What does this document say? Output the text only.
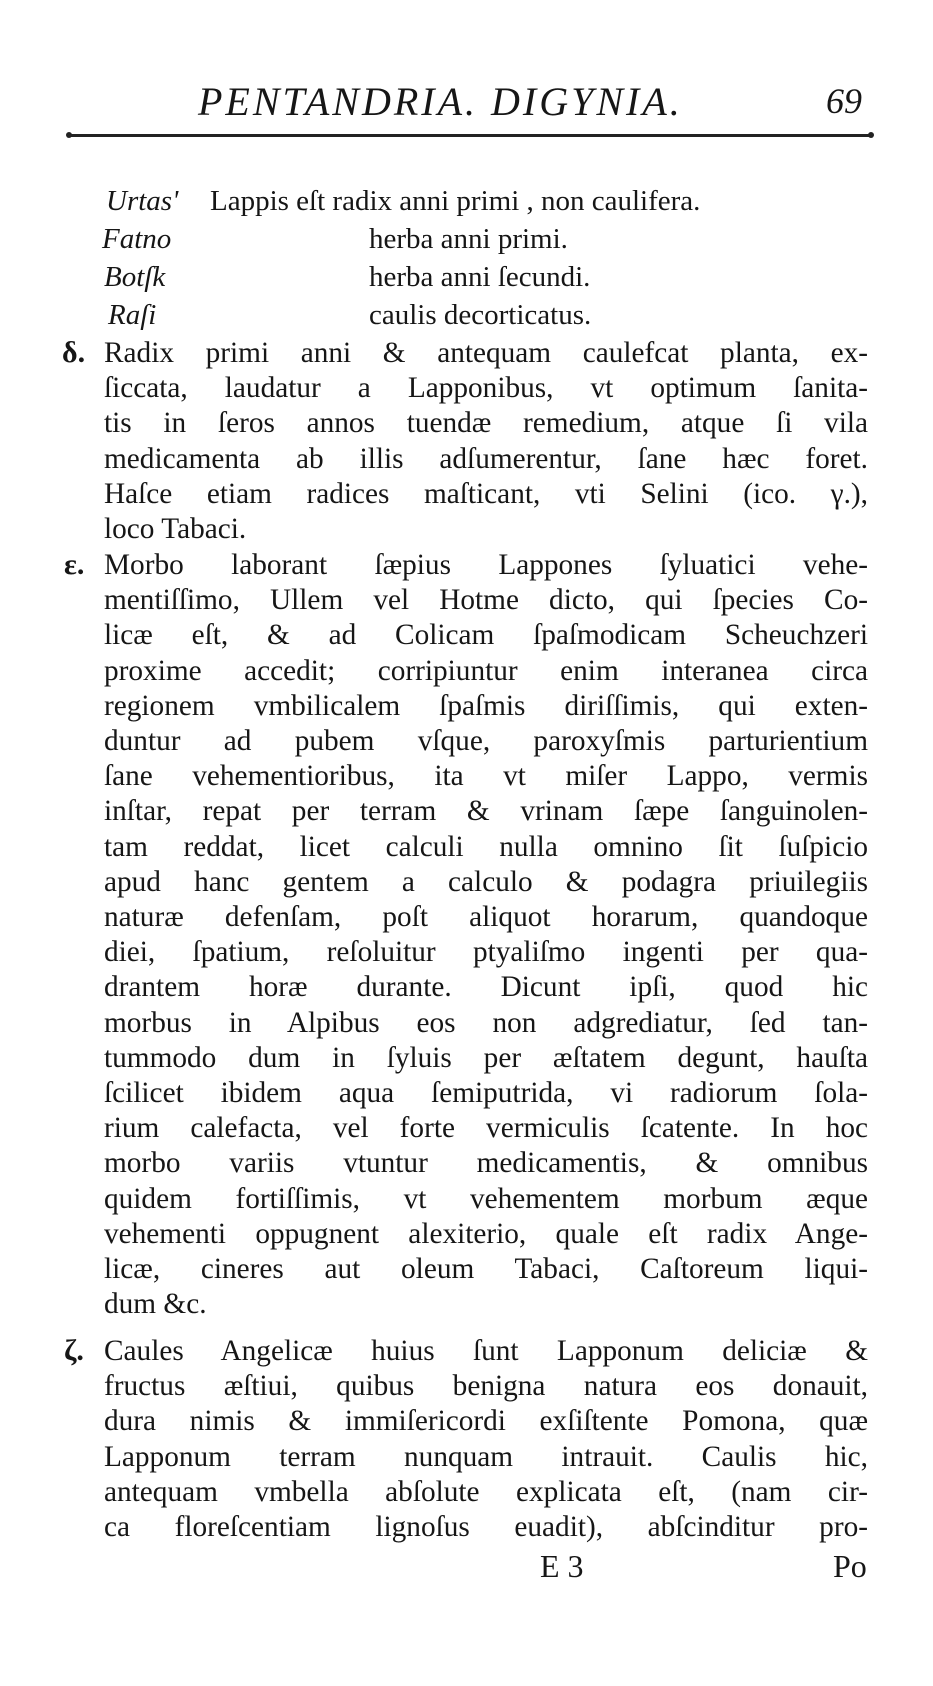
PENTANDRIA. DIGYNIA.	69
Urtas' Lappis eſt radix anni primi , non caulifera.
Fatno	herba anni primi.
Botſk	herba anni ſecundi.
Raſi	caulis decorticatus.
δ. Radix primi anni & antequam caulefcat planta, ex-
ſiccata, laudatur a Lapponibus, vt optimum ſanita-
tis in ſeros annos tuendæ remedium, atque ſi vila
medicamenta ab illis adſumerentur, ſane hæc foret.
Haſce etiam radices maſticant, vti Selini (ico. γ.),
loco Tabaci.
ε. Morbo laborant ſæpius Lappones ſyluatici vehe-
mentiſſimo, Ullem vel Hotme dicto, qui ſpecies Co-
licæ eſt, & ad Colicam ſpaſmodicam Scheuchzeri
proxime accedit; corripiuntur enim interanea circa
regionem vmbilicalem ſpaſmis diriſſimis, qui exten-
duntur ad pubem vſque, paroxyſmis parturientium
ſane vehementioribus, ita vt miſer Lappo, vermis
inſtar, repat per terram & vrinam ſæpe ſanguinolen-
tam reddat, licet calculi nulla omnino ſit ſuſpicio
apud hanc gentem a calculo & podagra priuilegiis
naturæ defenſam, poſt aliquot horarum, quandoque
diei, ſpatium, reſoluitur ptyaliſmo ingenti per qua-
drantem horæ durante. Dicunt ipſi, quod hic
morbus in Alpibus eos non adgrediatur, ſed tan-
tummodo dum in ſyluis per æſtatem degunt, hauſta
ſcilicet ibidem aqua ſemiputrida, vi radiorum ſola-
rium calefacta, vel forte vermiculis ſcatente. In hoc
morbo variis vtuntur medicamentis, & omnibus
quidem fortiſſimis, vt vehementem morbum æque
vehementi oppugnent alexiterio, quale eſt radix Ange-
licæ, cineres aut oleum Tabaci, Caſtoreum liqui-
dum &c.
ζ. Caules Angelicæ huius ſunt Lapponum deliciæ &
fructus æſtiui, quibus benigna natura eos donauit,
dura nimis & immiſericordi exſiſtente Pomona, quæ
Lapponum terram nunquam intrauit. Caulis hic,
antequam vmbella abſolute explicata eſt, (nam cir-
ca floreſcentiam lignoſus euadit), abſcinditur pro-
E 3	Po
